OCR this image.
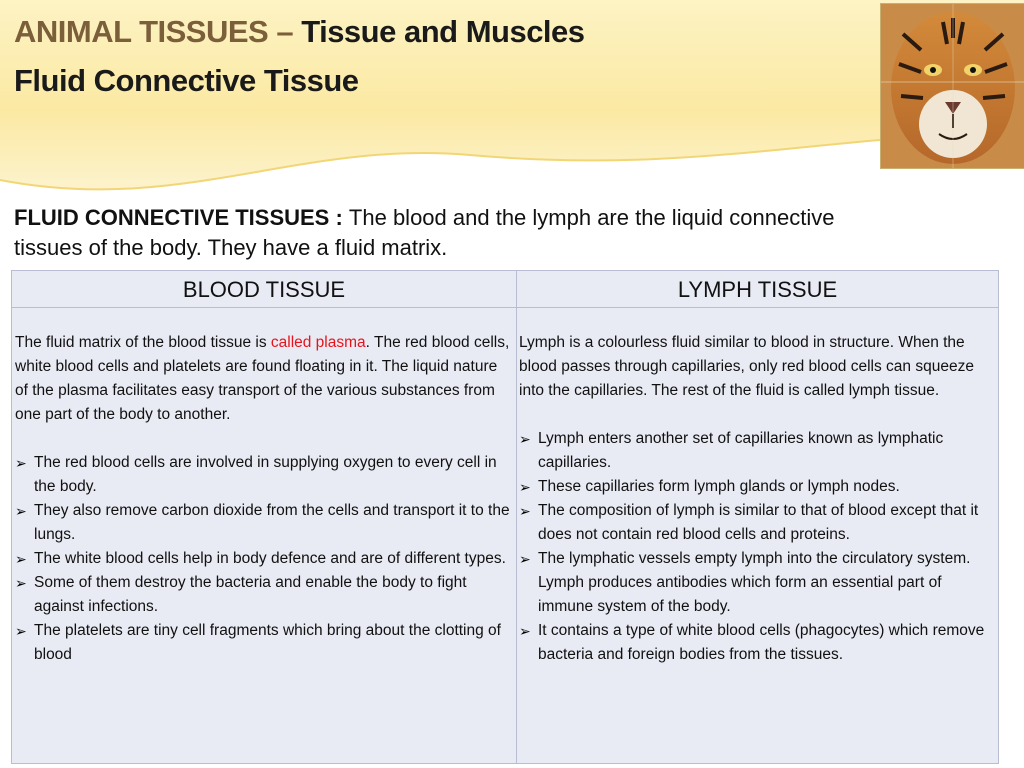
ANIMAL TISSUES – Tissue and Muscles
Fluid Connective Tissue
FLUID CONNECTIVE TISSUES : The blood and the lymph are the liquid connective tissues of the body. They have a fluid matrix.
BLOOD TISSUE	LYMPH TISSUE

The fluid matrix of the blood tissue is called plasma. The red blood cells, white blood cells and platelets are found floating in it. The liquid nature of the plasma facilitates easy transport of the various substances from one part of the body to another.

➢ The red blood cells are involved in supplying oxygen to every cell in the body.
➢ They also remove carbon dioxide from the cells and transport it to the lungs.
➢ The white blood cells help in body defence and are of different types.
➢ Some of them destroy the bacteria and enable the body to fight against infections.
➢ The platelets are tiny cell fragments which bring about the clotting of blood

Lymph is a colourless fluid similar to blood in structure. When the blood passes through capillaries, only red blood cells can squeeze into the capillaries. The rest of the fluid is called lymph tissue.

➢ Lymph enters another set of capillaries known as lymphatic capillaries.
➢ These capillaries form lymph glands or lymph nodes.
➢ The composition of lymph is similar to that of blood except that it does not contain red blood cells and proteins.
➢ The lymphatic vessels empty lymph into the circulatory system. Lymph produces antibodies which form an essential part of immune system of the body.
➢ It contains a type of white blood cells (phagocytes) which remove bacteria and foreign bodies from the tissues.
